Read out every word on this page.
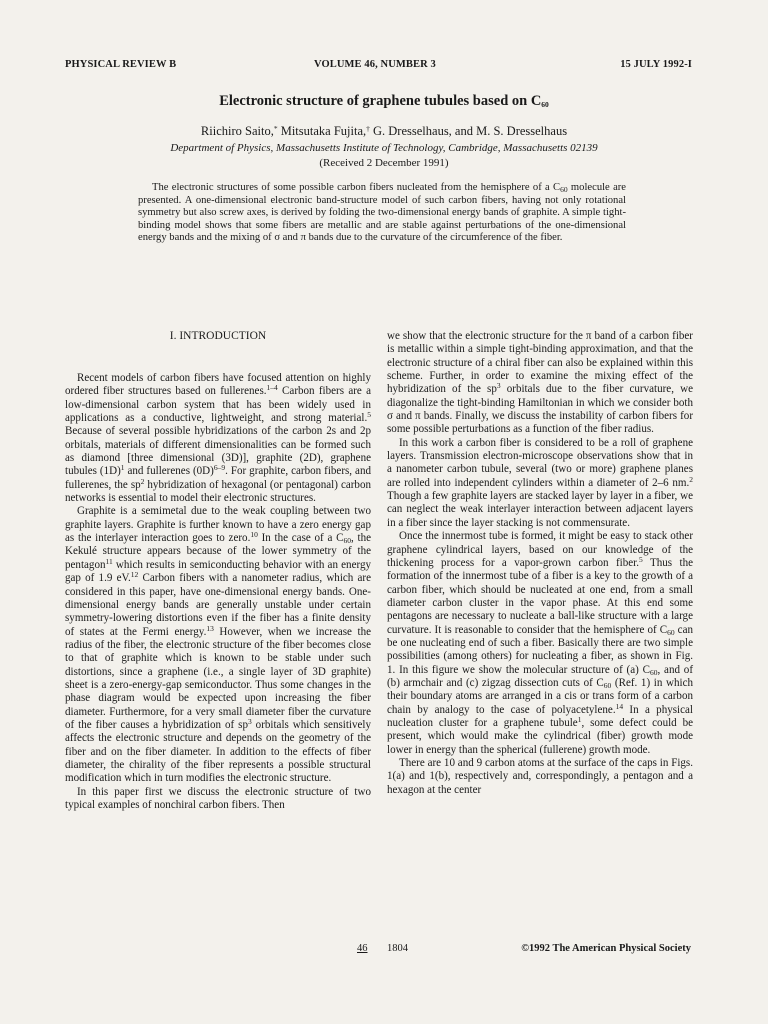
PHYSICAL REVIEW B	VOLUME 46, NUMBER 3	15 JULY 1992-I
Electronic structure of graphene tubules based on $C_{60}$
Riichiro Saito,* Mitsutaka Fujita,† G. Dresselhaus, and M. S. Dresselhaus
Department of Physics, Massachusetts Institute of Technology, Cambridge, Massachusetts 02139
(Received 2 December 1991)

The electronic structures of some possible carbon fibers nucleated from the hemisphere of a $C_{60}$ molecule are presented. A one-dimensional electronic band-structure model of such carbon fibers, having not only rotational symmetry but also screw axes, is derived by folding the two-dimensional energy bands of graphite. A simple tight-binding model shows that some fibers are metallic and are stable against perturbations of the one-dimensional energy bands and the mixing of σ and π bands due to the curvature of the circumference of the fiber.

I. INTRODUCTION

Recent models of carbon fibers have focused attention on highly ordered fiber structures based on fullerenes.$^{1-4}$ Carbon fibers are a low-dimensional carbon system that has been widely used in applications as a conductive, lightweight, and strong material.$^5$ Because of several possible hybridizations of the carbon 2s and 2p orbitals, materials of different dimensionalities can be formed such as diamond [three dimensional (3D)], graphite (2D), graphene tubules $(1D)^1$ and fullerenes $(0D)^{6-9}$. For graphite, carbon fibers, and fullerenes, the $sp^2$ hybridization of hexagonal (or pentagonal) carbon networks is essential to model their electronic structures.

Graphite is a semimetal due to the weak coupling between two graphite layers. Graphite is further known to have a zero energy gap as the interlayer interaction goes to zero.$^{10}$ In the case of a $C_{60}$, the Kekulé structure appears because of the lower symmetry of the pentagon$^{11}$ which results in semiconducting behavior with an energy gap of 1.9 eV.$^{12}$ Carbon fibers with a nanometer radius, which are considered in this paper, have one-dimensional energy bands. One-dimensional energy bands are generally unstable under certain symmetry-lowering distortions even if the fiber has a finite density of states at the Fermi energy.$^{13}$ However, when we increase the radius of the fiber, the electronic structure of the fiber becomes close to that of graphite which is known to be stable under such distortions, since a graphene (i.e., a single layer of 3D graphite) sheet is a zero-energy-gap semiconductor. Thus some changes in the phase diagram would be expected upon increasing the fiber diameter. Furthermore, for a very small diameter fiber the curvature of the fiber causes a hybridization of $sp^3$ orbitals which sensitively affects the electronic structure and depends on the geometry of the fiber and on the fiber diameter. In addition to the effects of fiber diameter, the chirality of the fiber represents a possible structural modification which in turn modifies the electronic structure.

In this paper first we discuss the electronic structure of two typical examples of nonchiral carbon fibers. Then

we show that the electronic structure for the π band of a carbon fiber is metallic within a simple tight-binding approximation, and that the electronic structure of a chiral fiber can also be explained within this scheme. Further, in order to examine the mixing effect of the hybridization of the $sp^3$ orbitals due to the fiber curvature, we diagonalize the tight-binding Hamiltonian in which we consider both σ and π bands. Finally, we discuss the instability of carbon fibers for some possible perturbations as a function of the fiber radius.

In this work a carbon fiber is considered to be a roll of graphene layers. Transmission electron-microscope observations show that in a nanometer carbon tubule, several (two or more) graphene planes are rolled into independent cylinders within a diameter of 2–6 nm.$^2$ Though a few graphite layers are stacked layer by layer in a fiber, we can neglect the weak interlayer interaction between adjacent layers in a fiber since the layer stacking is not commensurate.

Once the innermost tube is formed, it might be easy to stack other graphene cylindrical layers, based on our knowledge of the thickening process for a vapor-grown carbon fiber.$^5$ Thus the formation of the innermost tube of a fiber is a key to the growth of a carbon fiber, which should be nucleated at one end, from a small diameter carbon cluster in the vapor phase. At this end some pentagons are necessary to nucleate a ball-like structure with a large curvature. It is reasonable to consider that the hemisphere of $C_{60}$ can be one nucleating end of such a fiber. Basically there are two simple possibilities (among others) for nucleating a fiber, as shown in Fig. 1. In this figure we show the molecular structure of (a) $C_{60}$, and of (b) armchair and (c) zigzag dissection cuts of $C_{60}$ (Ref. 1) in which their boundary atoms are arranged in a cis or trans form of a carbon chain by analogy to the case of polyacetylene.$^{14}$ In a physical nucleation cluster for a graphene tubule$^1$, some defect could be present, which would make the cylindrical (fiber) growth mode lower in energy than the spherical (fullerene) growth mode.

There are 10 and 9 carbon atoms at the surface of the caps in Figs. 1(a) and 1(b), respectively and, correspondingly, a pentagon and a hexagon at the center

46 1804	©1992 The American Physical Society
